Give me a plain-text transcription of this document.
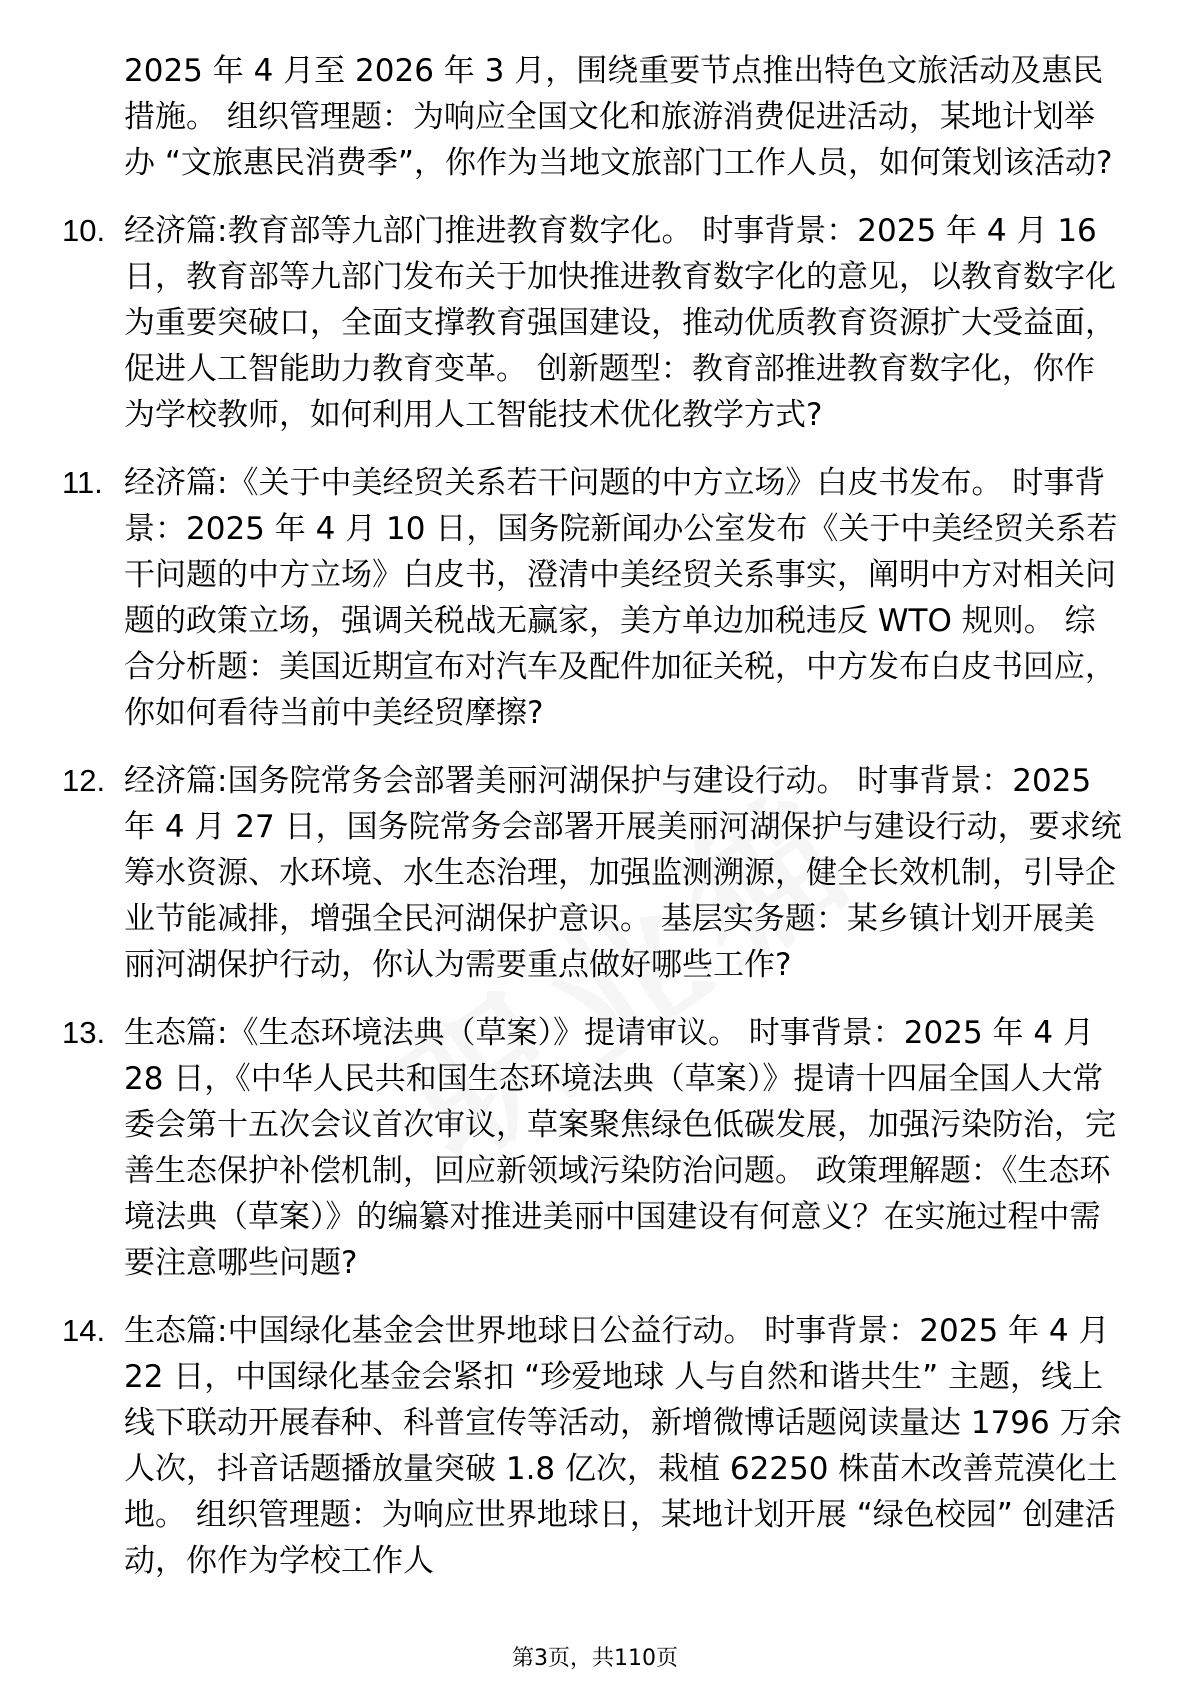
2025 年 4 月至 2026 年 3 月，围绕重要节点推出特色文旅活动及惠民措施。 组织管理题：为响应全国文化和旅游消费促进活动，某地计划举办 “文旅惠民消费季”，你作为当地文旅部门工作人员，如何策划该活动?
10. 经济篇:教育部等九部门推进教育数字化。 时事背景：2025 年 4 月 16 日，教育部等九部门发布关于加快推进教育数字化的意见，以教育数字化为重要突破口，全面支撑教育强国建设，推动优质教育资源扩大受益面，促进人工智能助力教育变革。 创新题型：教育部推进教育数字化，你作为学校教师，如何利用人工智能技术优化教学方式?
11. 经济篇:《关于中美经贸关系若干问题的中方立场》白皮书发布。 时事背景：2025 年 4 月 10 日，国务院新闻办公室发布《关于中美经贸关系若干问题的中方立场》白皮书，澄清中美经贸关系事实，阐明中方对相关问题的政策立场，强调关税战无赢家，美方单边加税违反 WTO 规则。 综合分析题：美国近期宣布对汽车及配件加征关税，中方发布白皮书回应，你如何看待当前中美经贸摩擦?
12. 经济篇:国务院常务会部署美丽河湖保护与建设行动。 时事背景：2025 年 4 月 27 日，国务院常务会部署开展美丽河湖保护与建设行动，要求统筹水资源、水环境、水生态治理，加强监测溯源，健全长效机制，引导企业节能减排，增强全民河湖保护意识。 基层实务题：某乡镇计划开展美丽河湖保护行动，你认为需要重点做好哪些工作?
13. 生态篇:《生态环境法典（草案）》提请审议。 时事背景：2025 年 4 月 28 日，《中华人民共和国生态环境法典（草案）》提请十四届全国人大常委会第十五次会议首次审议，草案聚焦绿色低碳发展，加强污染防治，完善生态保护补偿机制，回应新领域污染防治问题。 政策理解题：《生态环境法典（草案）》的编纂对推进美丽中国建设有何意义？在实施过程中需要注意哪些问题?
14. 生态篇:中国绿化基金会世界地球日公益行动。 时事背景：2025 年 4 月 22 日，中国绿化基金会紧扣 “珍爱地球 人与自然和谐共生” 主题，线上线下联动开展春种、科普宣传等活动，新增微博话题阅读量达 1796 万余人次，抖音话题播放量突破 1.8 亿次，栽植 62250 株苗木改善荒漠化土地。 组织管理题：为响应世界地球日，某地计划开展 “绿色校园” 创建活动，你作为学校工作人
第3页，共110页
